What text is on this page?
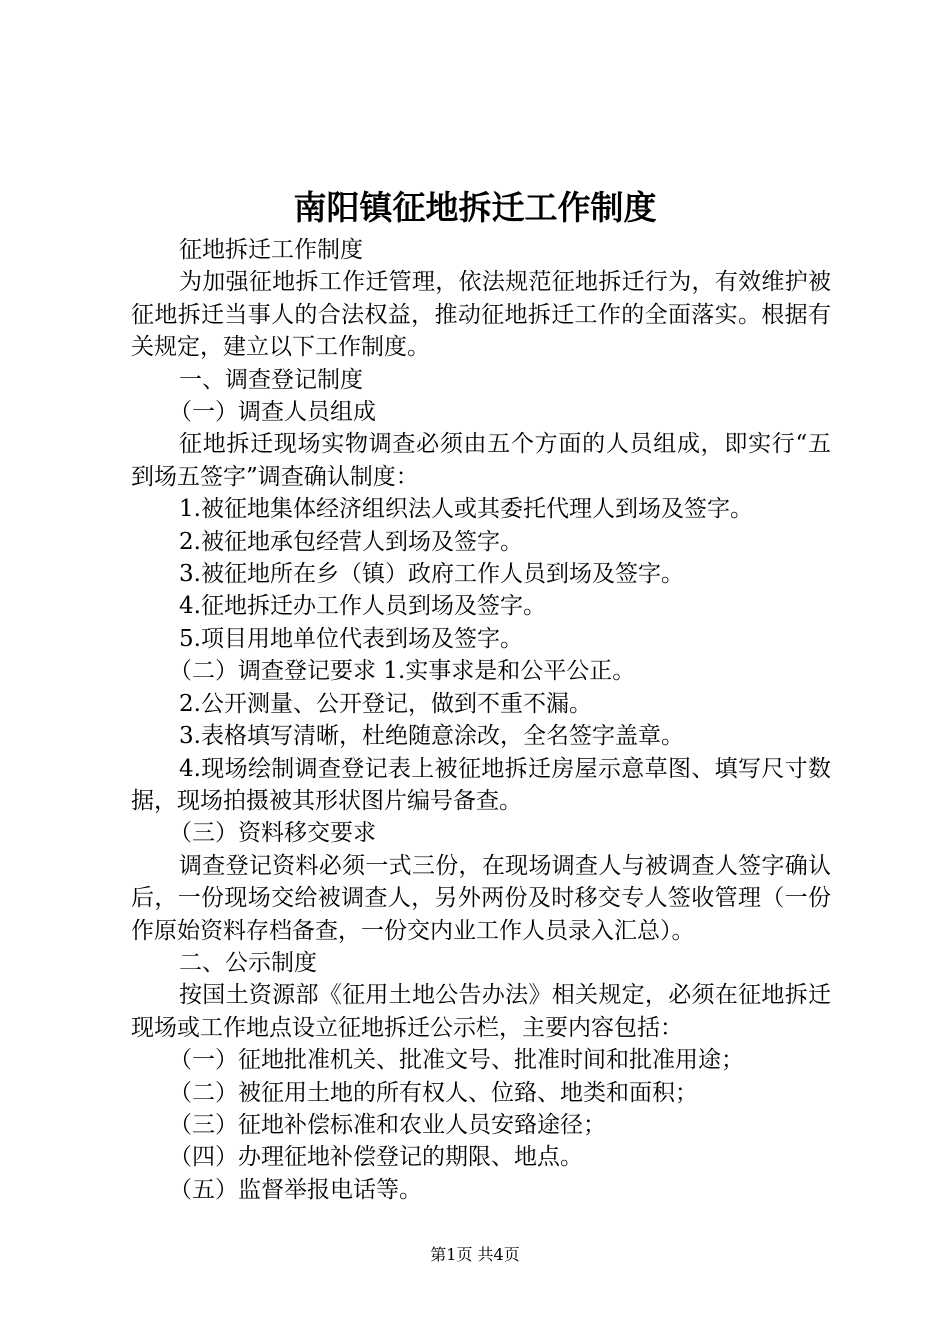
南阳镇征地拆迁工作制度

征地拆迁工作制度

为加强征地拆工作迁管理，依法规范征地拆迁行为，有效维护被征地拆迁当事人的合法权益，推动征地拆迁工作的全面落实。根据有关规定，建立以下工作制度。

一、调查登记制度

（一）调查人员组成

征地拆迁现场实物调查必须由五个方面的人员组成，即实行“五到场五签字”调查确认制度：

1.被征地集体经济组织法人或其委托代理人到场及签字。

2.被征地承包经营人到场及签字。

3.被征地所在乡（镇）政府工作人员到场及签字。

4.征地拆迁办工作人员到场及签字。

5.项目用地单位代表到场及签字。

（二）调查登记要求 1.实事求是和公平公正。

2.公开测量、公开登记，做到不重不漏。

3.表格填写清晰，杜绝随意涂改，全名签字盖章。

4.现场绘制调查登记表上被征地拆迁房屋示意草图、填写尺寸数据，现场拍摄被其形状图片编号备查。

（三）资料移交要求

调查登记资料必须一式三份，在现场调查人与被调查人签字确认后，一份现场交给被调查人，另外两份及时移交专人签收管理（一份作原始资料存档备查，一份交内业工作人员录入汇总）。

二、公示制度

按国土资源部《征用土地公告办法》相关规定，必须在征地拆迁现场或工作地点设立征地拆迁公示栏，主要内容包括：

（一）征地批准机关、批准文号、批准时间和批准用途；

（二）被征用土地的所有权人、位臵、地类和面积；

（三）征地补偿标准和农业人员安臵途径；

（四）办理征地补偿登记的期限、地点。

（五）监督举报电话等。

第1页 共4页
